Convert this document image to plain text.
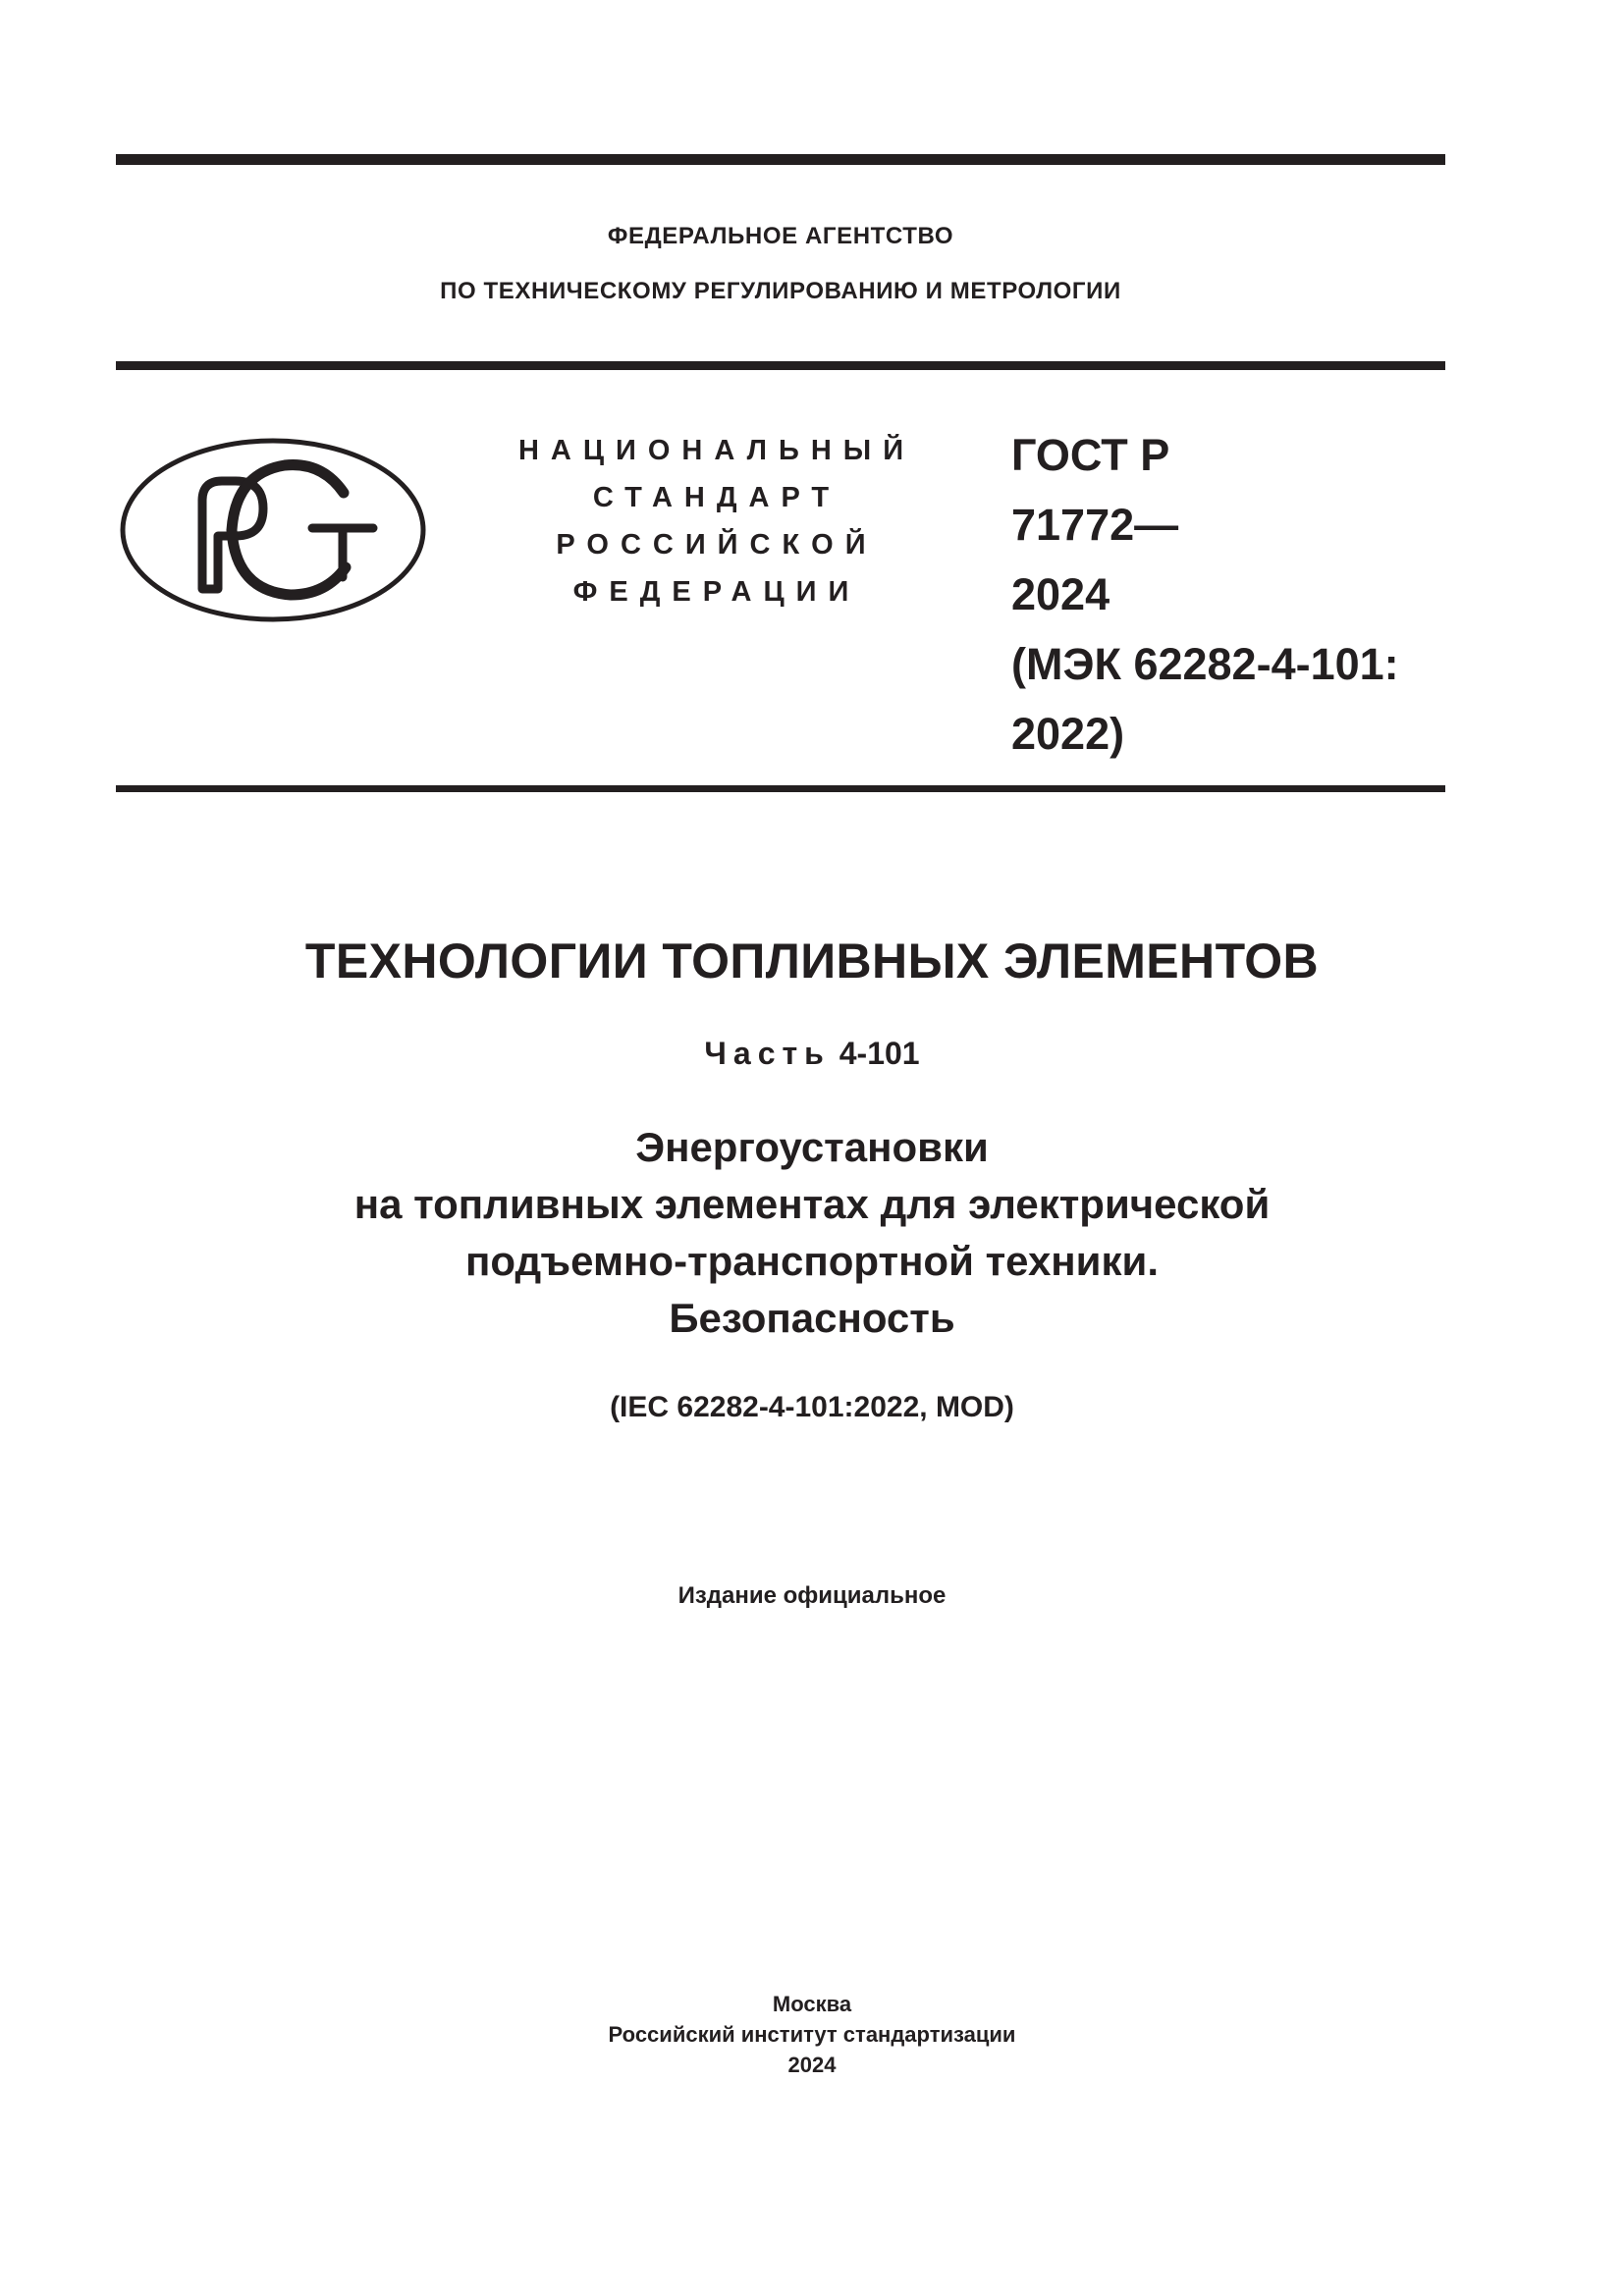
ФЕДЕРАЛЬНОЕ АГЕНТСТВО
ПО ТЕХНИЧЕСКОМУ РЕГУЛИРОВАНИЮ И МЕТРОЛОГИИ
НАЦИОНАЛЬНЫЙ
СТАНДАРТ
РОССИЙСКОЙ
ФЕДЕРАЦИИ
ГОСТ Р
71772—
2024
(МЭК 62282-4-101:
2022)
ТЕХНОЛОГИИ ТОПЛИВНЫХ ЭЛЕМЕНТОВ
Часть 4-101
Энергоустановки
на топливных элементах для электрической
подъемно-транспортной техники.
Безопасность
(IEC 62282-4-101:2022, MOD)
Издание официальное
Москва
Российский институт стандартизации
2024
